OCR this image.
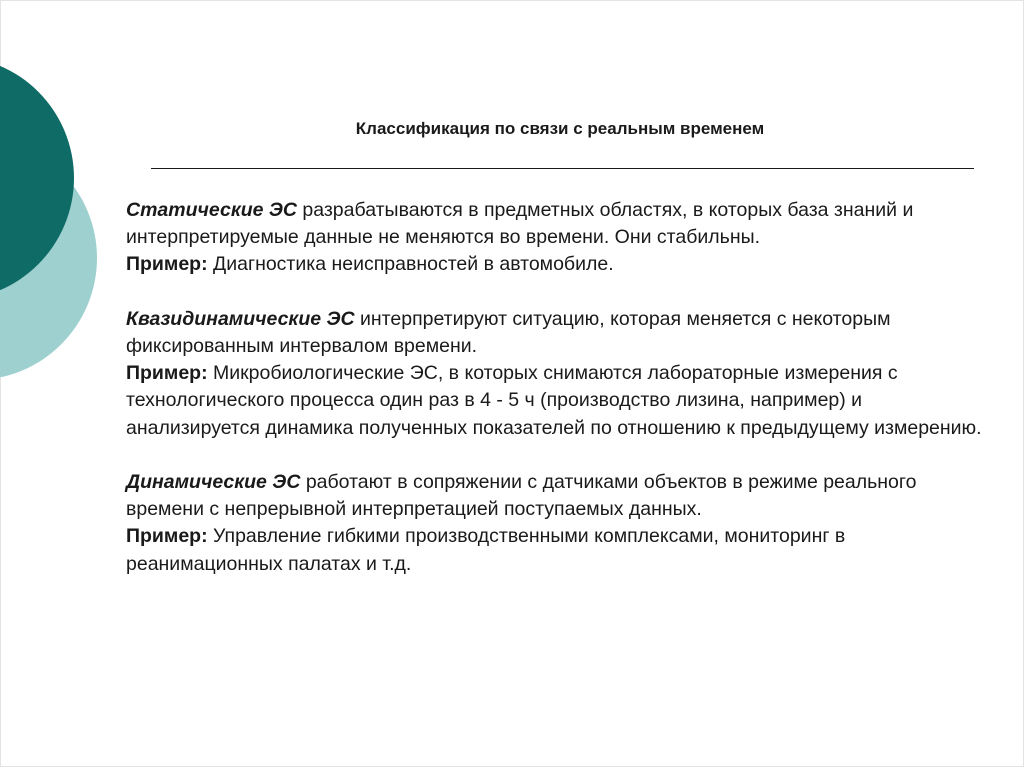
Классификация по связи с реальным временем

Статические ЭС разрабатываются в предметных областях, в которых база знаний и интерпретируемые данные не меняются во времени. Они стабильны.
Пример: Диагностика неисправностей в автомобиле.

Квазидинамические ЭС интерпретируют ситуацию, которая меняется с некоторым фиксированным интервалом времени.
Пример: Микробиологические ЭС, в которых снимаются лабораторные измерения с технологического процесса один раз в 4 - 5 ч (производство лизина, например) и анализируется динамика полученных показателей по отношению к предыдущему измерению.

Динамические ЭС работают в сопряжении с датчиками объектов в режиме реального времени с непрерывной интерпретацией поступаемых данных.
Пример: Управление гибкими производственными комплексами, мониторинг в реанимационных палатах и т.д.
